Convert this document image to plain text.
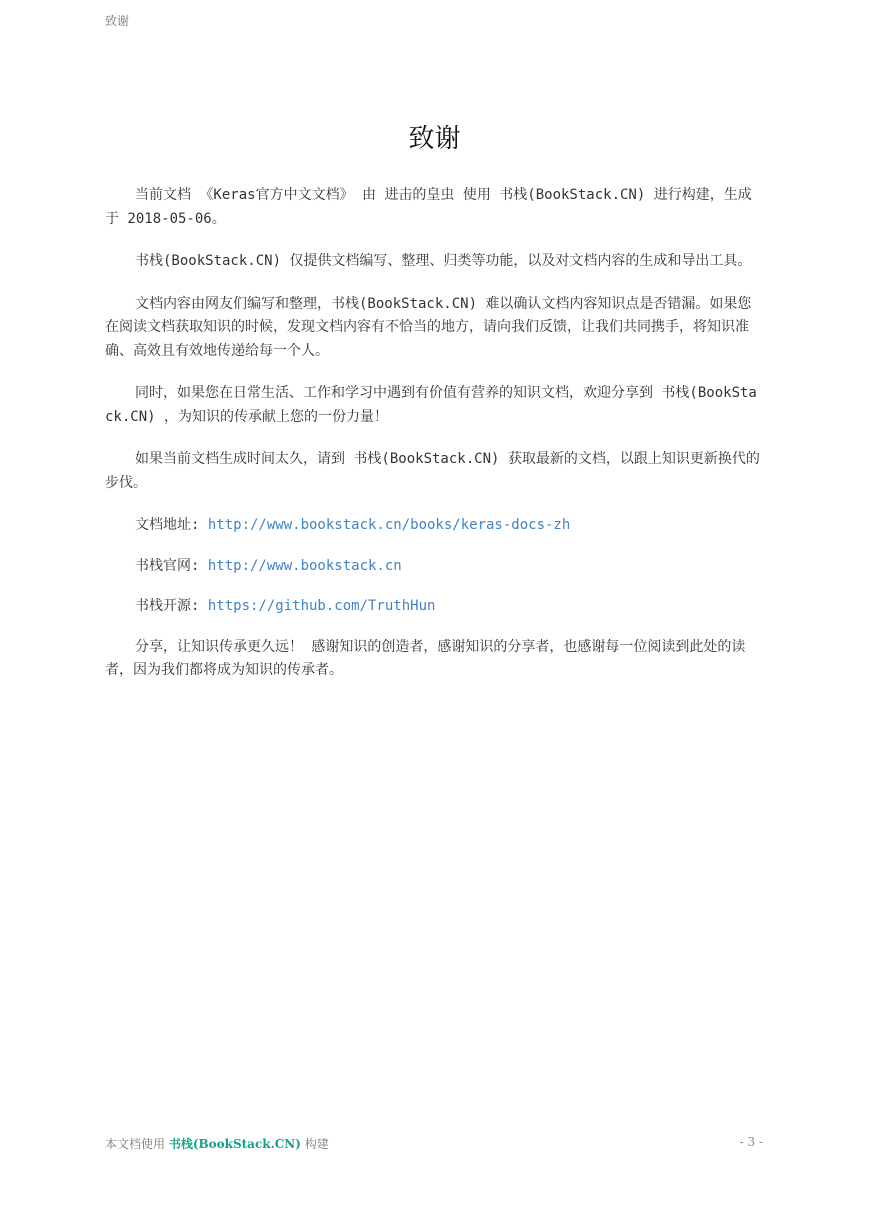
致谢
致谢

当前文档 《Keras官方中文文档》 由 进击的皇虫 使用 书栈(BookStack.CN) 进行构建，生成于 2018-05-06。

书栈(BookStack.CN) 仅提供文档编写、整理、归类等功能，以及对文档内容的生成和导出工具。

文档内容由网友们编写和整理，书栈(BookStack.CN) 难以确认文档内容知识点是否错漏。如果您在阅读文档获取知识的时候，发现文档内容有不恰当的地方，请向我们反馈，让我们共同携手，将知识准确、高效且有效地传递给每一个人。

同时，如果您在日常生活、工作和学习中遇到有价值有营养的知识文档，欢迎分享到 书栈(BookStack.CN) ，为知识的传承献上您的一份力量！

如果当前文档生成时间太久，请到 书栈(BookStack.CN) 获取最新的文档，以跟上知识更新换代的步伐。

文档地址: http://www.bookstack.cn/books/keras-docs-zh

书栈官网: http://www.bookstack.cn

书栈开源: https://github.com/TruthHun

分享，让知识传承更久远！ 感谢知识的创造者，感谢知识的分享者，也感谢每一位阅读到此处的读者，因为我们都将成为知识的传承者。

本文档使用 书栈(BookStack.CN) 构建	- 3 -
